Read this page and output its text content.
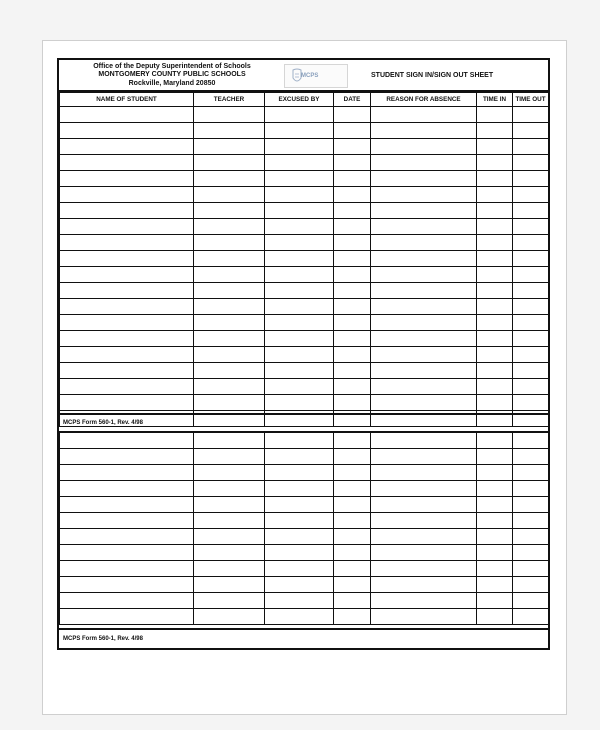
Office of the Deputy Superintendent of Schools
MONTGOMERY COUNTY PUBLIC SCHOOLS
Rockville, Maryland 20850
MCPS	STUDENT SIGN IN/SIGN OUT SHEET
NAME OF STUDENT	TEACHER	EXCUSED BY	DATE	REASON FOR ABSENCE	TIME IN	TIME OUT

MCPS Form 560-1, Rev. 4/98

MCPS Form 560-1, Rev. 4/98
